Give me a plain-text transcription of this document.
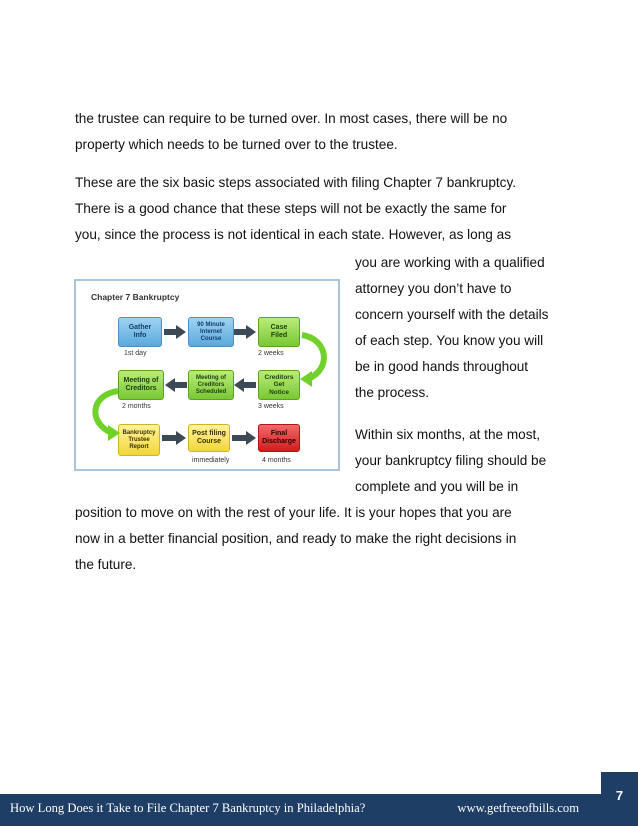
the trustee can require to be turned over. In most cases, there will be no
property which needs to be turned over to the trustee.
These are the six basic steps associated with filing Chapter 7 bankruptcy.
There is a good chance that these steps will not be exactly the same for
you, since the process is not identical in each state. However, as long as
you are working with a qualified
attorney you don’t have to
concern yourself with the details
of each step. You know you will
be in good hands throughout
the process.
Within six months, at the most,
your bankruptcy filing should be
complete and you will be in
position to move on with the rest of your life. It is your hopes that you are
now in a better financial position, and ready to make the right decisions in
the future.
Chapter 7 Bankruptcy
Gather
Info
90 Minute
Internet
Course
Case
Filed
1st day	2 weeks
Meeting of
Creditors
Meeting of
Creditors
Scheduled
Creditors
Get
Notice
2 months	3 weeks
Bankruptcy
Trustee
Report
Post filing
Course
Final
Discharge
immediately	4 months
How Long Does it Take to File Chapter 7 Bankruptcy in Philadelphia?	www.getfreeofbills.com
7
